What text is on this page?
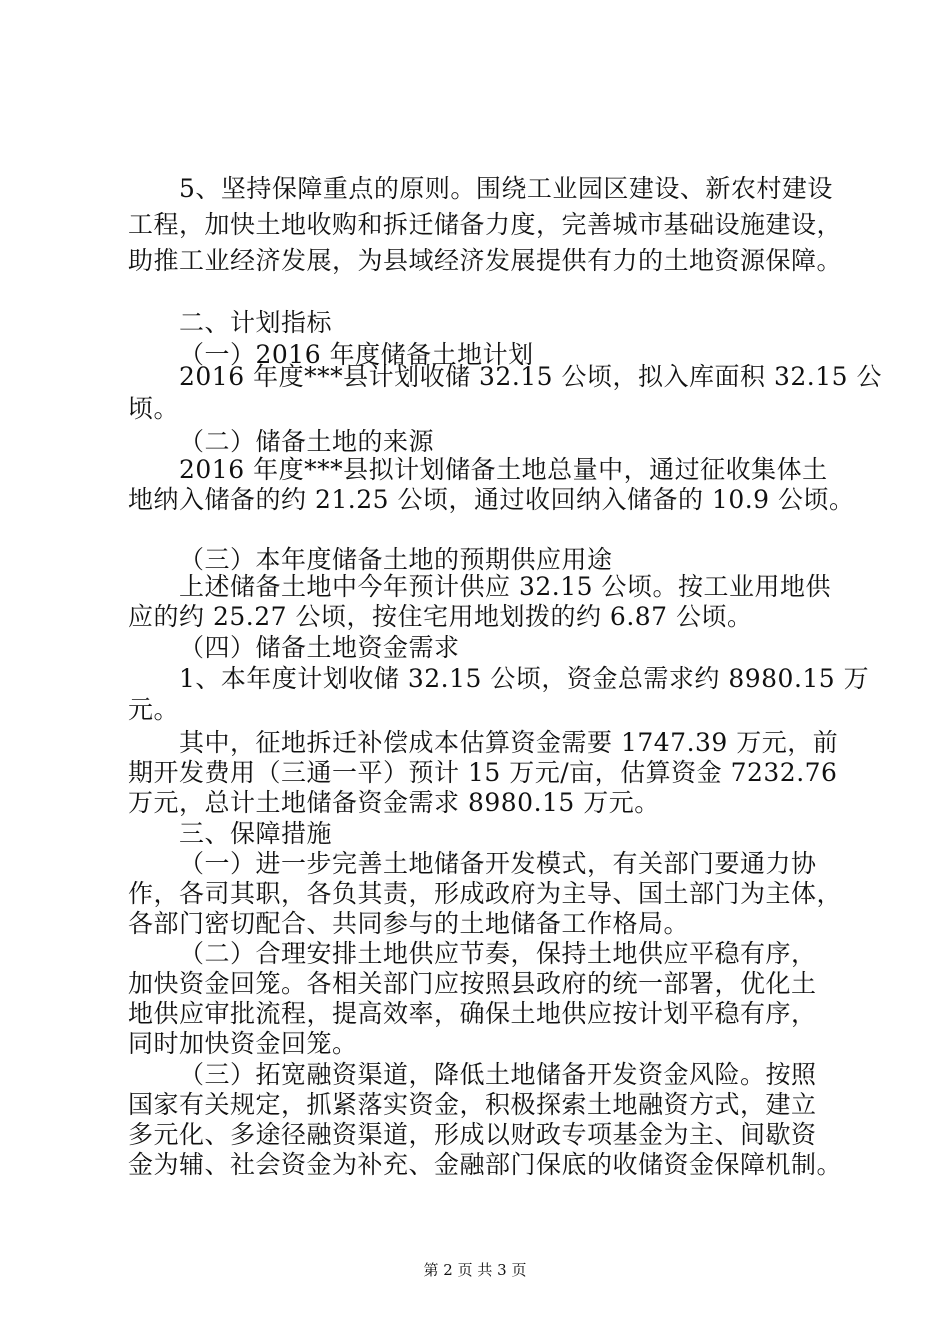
5、坚持保障重点的原则。围绕工业园区建设、新农村建设

工程，加快土地收购和拆迁储备力度，完善城市基础设施建设，

助推工业经济发展，为县域经济发展提供有力的土地资源保障。

二、计划指标

（一）2016 年度储备土地计划

2016 年度***县计划收储 32.15 公顷，拟入库面积 32.15 公

顷。

（二）储备土地的来源

2016 年度***县拟计划储备土地总量中，通过征收集体土

地纳入储备的约 21.25 公顷，通过收回纳入储备的 10.9 公顷。

（三）本年度储备土地的预期供应用途

上述储备土地中今年预计供应 32.15 公顷。按工业用地供

应的约 25.27 公顷，按住宅用地划拨的约 6.87 公顷。

（四）储备土地资金需求

1、本年度计划收储 32.15 公顷，资金总需求约 8980.15 万

元。

其中，征地拆迁补偿成本估算资金需要 1747.39 万元，前

期开发费用（三通一平）预计 15 万元/亩，估算资金 7232.76

万元，总计土地储备资金需求 8980.15 万元。

三、保障措施

（一）进一步完善土地储备开发模式，有关部门要通力协

作，各司其职，各负其责，形成政府为主导、国土部门为主体，

各部门密切配合、共同参与的土地储备工作格局。

（二）合理安排土地供应节奏，保持土地供应平稳有序，

加快资金回笼。各相关部门应按照县政府的统一部署，优化土

地供应审批流程，提高效率，确保土地供应按计划平稳有序，

同时加快资金回笼。

（三）拓宽融资渠道，降低土地储备开发资金风险。按照

国家有关规定，抓紧落实资金，积极探索土地融资方式，建立

多元化、多途径融资渠道，形成以财政专项基金为主、间歇资

金为辅、社会资金为补充、金融部门保底的收储资金保障机制。

第 2 页 共 3 页
